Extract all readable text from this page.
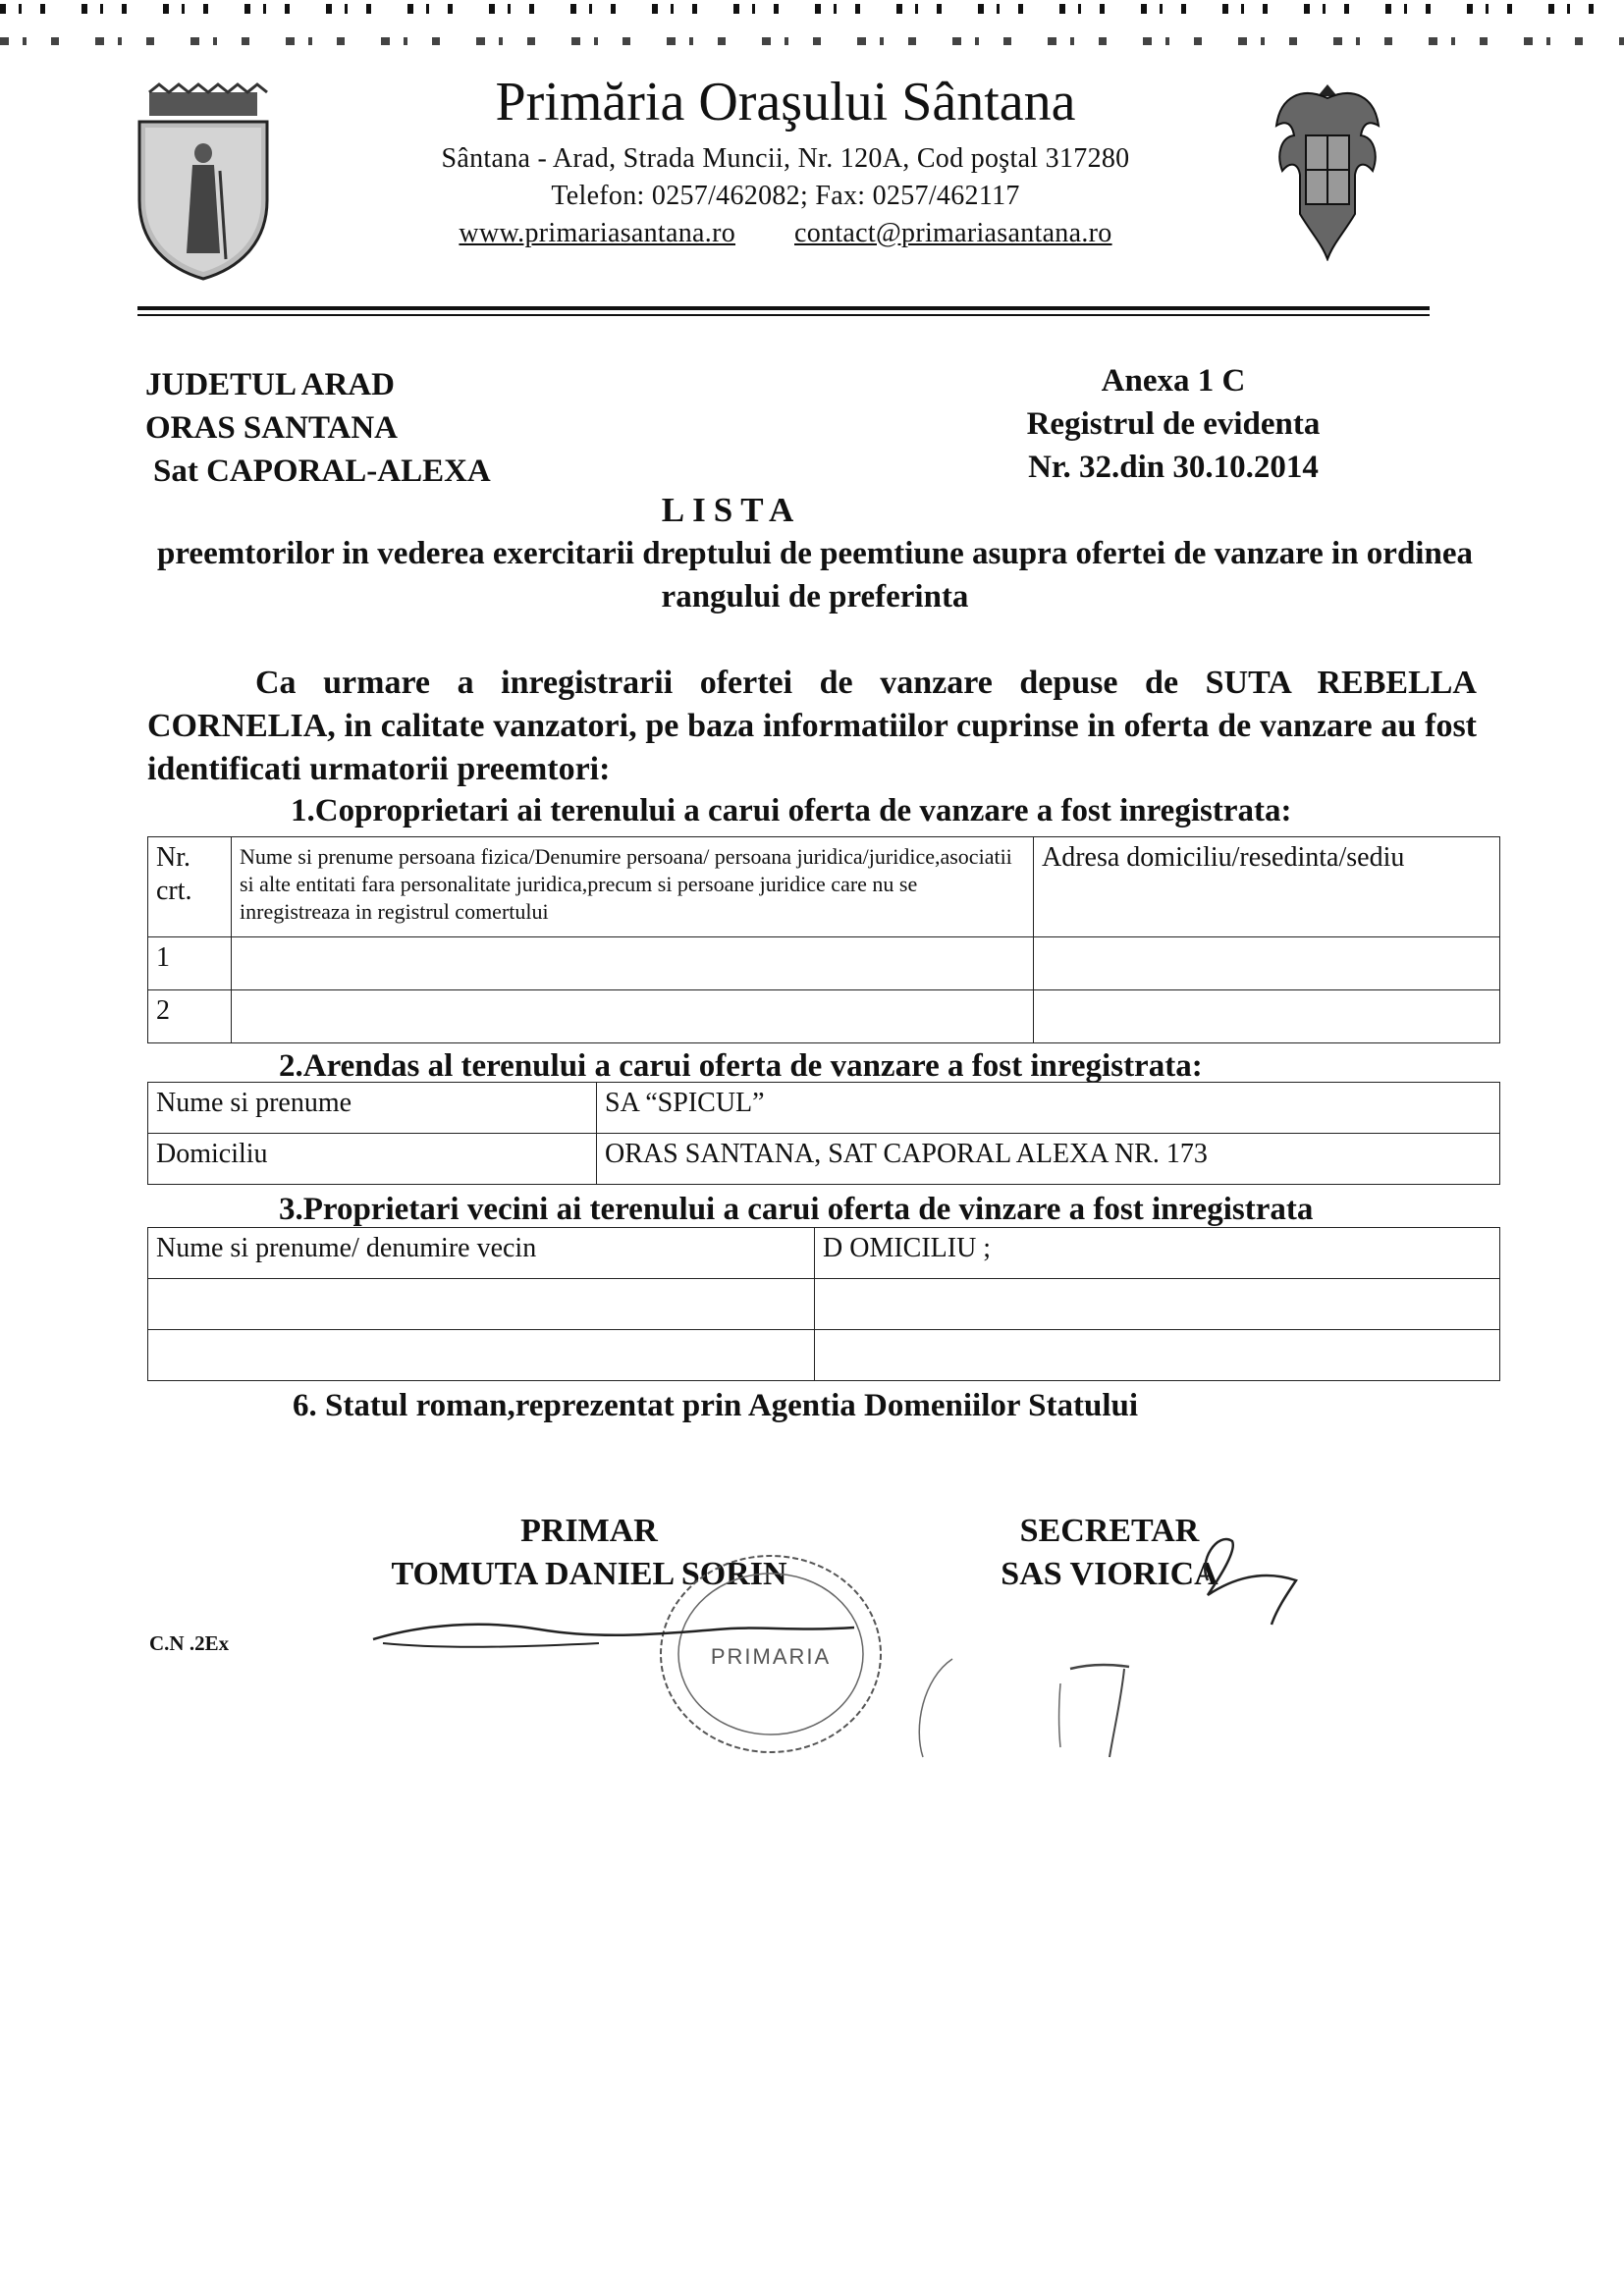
Primăria Oraşului Sântana
Sântana - Arad, Strada Muncii, Nr. 120A, Cod poştal 317280
Telefon: 0257/462082; Fax: 0257/462117
www.primariasantana.ro contact@primariasantana.ro
JUDETUL ARAD
ORAS SANTANA
Sat CAPORAL-ALEXA
Anexa 1 C
Registrul de evidenta
Nr. 32.din 30.10.2014
LISTA
preemtorilor in vederea exercitarii dreptului de peemtiune asupra ofertei de vanzare in ordinea rangului de preferinta
Ca urmare a inregistrarii ofertei de vanzare depuse de SUTA REBELLA CORNELIA, in calitate vanzatori, pe baza informatiilor cuprinse in oferta de vanzare au fost identificati urmatorii preemtori:
1.Coproprietari ai terenului a carui oferta de vanzare a fost inregistrata:
Nr. crt.	Nume si prenume persoana fizica/Denumire persoana/ persoana juridica/juridice,asociatii si alte entitati fara personalitate juridica,precum si persoane juridice care nu se inregistreaza in registrul comertului	Adresa domiciliu/resedinta/sediu
1		
2		
2.Arendas al terenului a carui oferta de vanzare a fost inregistrata:
Nume si prenume	SA “SPICUL”
Domiciliu	ORAS SANTANA, SAT CAPORAL ALEXA NR. 173
3.Proprietari vecini ai terenului a carui oferta de vinzare a fost inregistrata
Nume si prenume/ denumire vecin	D OMICILIU ;

6. Statul roman,reprezentat prin Agentia Domeniilor Statului
PRIMAR
TOMUTA DANIEL SORIN
SECRETAR
SAS VIORICA
C.N .2Ex
PRIMARIA
